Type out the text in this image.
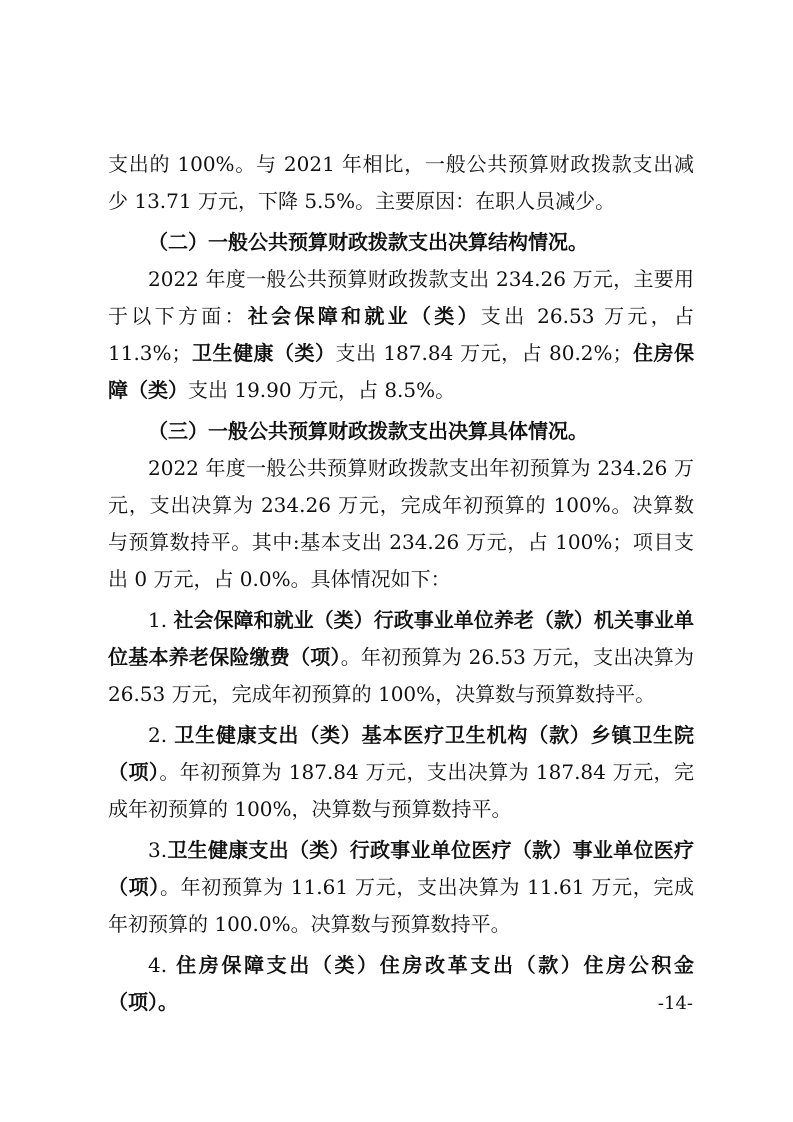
支出的 100%。与 2021 年相比，一般公共预算财政拨款支出减少 13.71 万元，下降 5.5%。主要原因：在职人员减少。

（二）一般公共预算财政拨款支出决算结构情况。

2022 年度一般公共预算财政拨款支出 234.26 万元，主要用于以下方面：社会保障和就业（类）支出 26.53 万元，占 11.3%；卫生健康（类）支出 187.84 万元，占 80.2%；住房保障（类）支出 19.90 万元，占 8.5%。

（三）一般公共预算财政拨款支出决算具体情况。

2022 年度一般公共预算财政拨款支出年初预算为 234.26 万元，支出决算为 234.26 万元，完成年初预算的 100%。决算数与预算数持平。其中:基本支出 234.26 万元，占 100%；项目支出 0 万元，占 0.0%。具体情况如下：

1. 社会保障和就业（类）行政事业单位养老（款）机关事业单位基本养老保险缴费（项）。年初预算为 26.53 万元，支出决算为 26.53 万元，完成年初预算的 100%，决算数与预算数持平。

2. 卫生健康支出（类）基本医疗卫生机构（款）乡镇卫生院（项）。年初预算为 187.84 万元，支出决算为 187.84 万元，完成年初预算的 100%，决算数与预算数持平。

3.卫生健康支出（类）行政事业单位医疗（款）事业单位医疗（项）。年初预算为 11.61 万元，支出决算为 11.61 万元，完成年初预算的 100.0%。决算数与预算数持平。

4. 住房保障支出（类）住房改革支出（款）住房公积金（项）。	-14-
